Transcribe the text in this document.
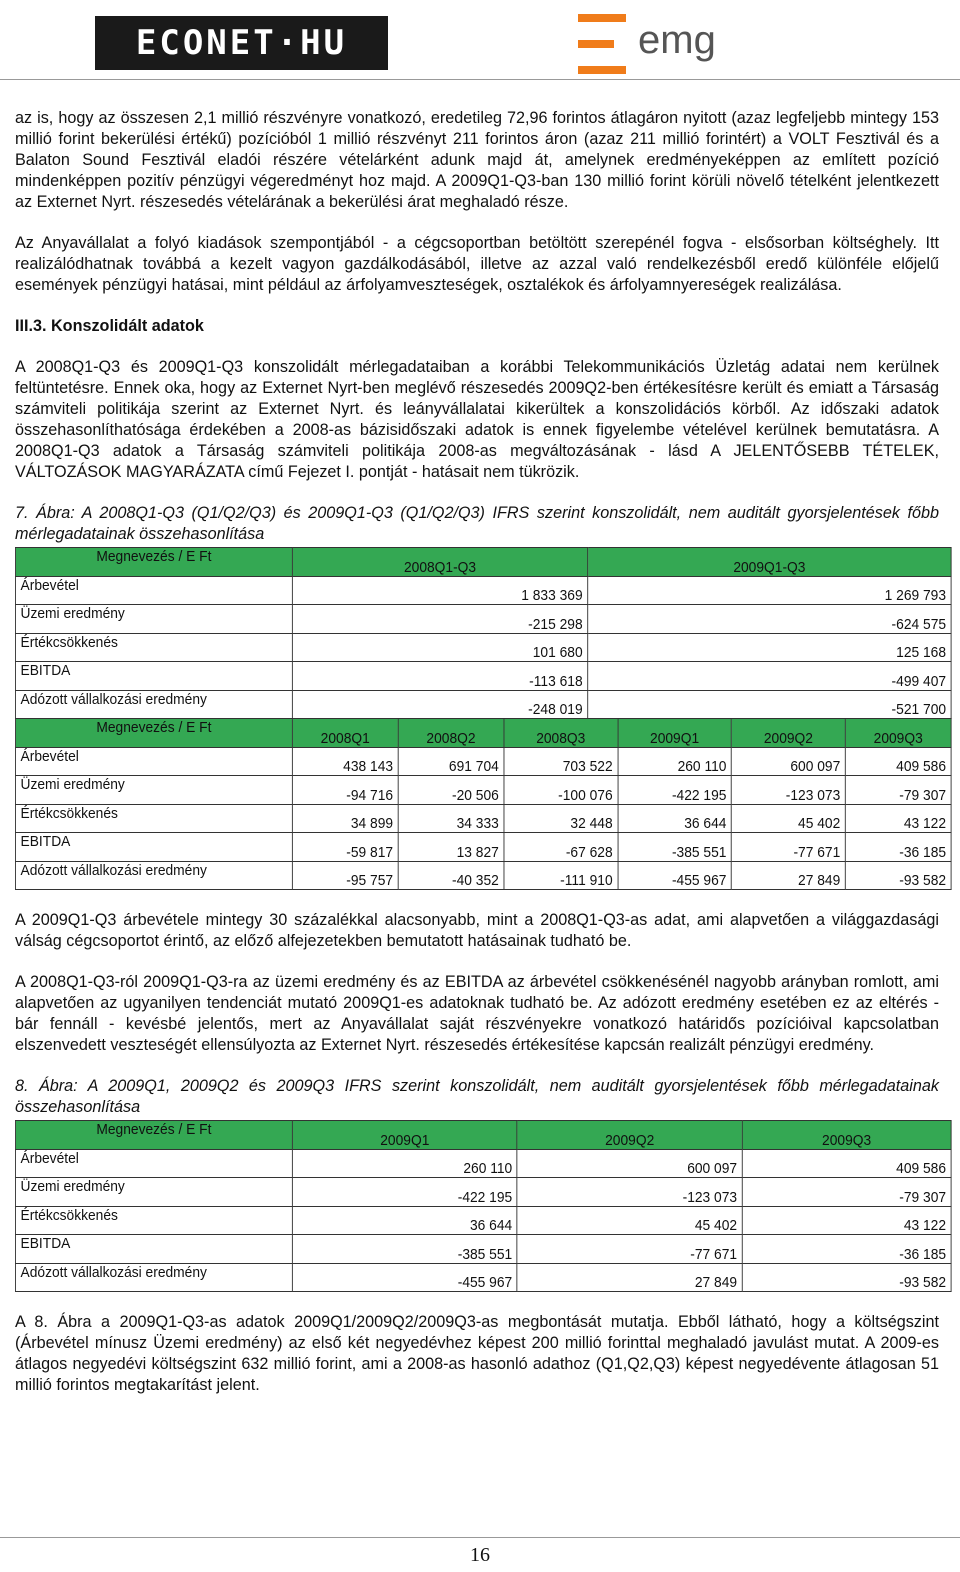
ECONET·HU	emg

az is, hogy az összesen 2,1 millió részvényre vonatkozó, eredetileg 72,96 forintos átlagáron nyitott (azaz legfeljebb mintegy 153 millió forint bekerülési értékű) pozícióból 1 millió részvényt 211 forintos áron (azaz 211 millió forintért) a VOLT Fesztivál és a Balaton Sound Fesztivál eladói részére vételárként adunk majd át, amelynek eredményeképpen az említett pozíció mindenképpen pozitív pénzügyi végeredményt hoz majd. A 2009Q1-Q3-ban 130 millió forint körüli növelő tételként jelentkezett az Externet Nyrt. részesedés vételárának a bekerülési árat meghaladó része.

Az Anyavállalat a folyó kiadások szempontjából - a cégcsoportban betöltött szerepénél fogva - elsősorban költséghely. Itt realizálódhatnak továbbá a kezelt vagyon gazdálkodásából, illetve az azzal való rendelkezésből eredő különféle előjelű események pénzügyi hatásai, mint például az árfolyamveszteségek, osztalékok és árfolyamnyereségek realizálása.

III.3. Konszolidált adatok

A 2008Q1-Q3 és 2009Q1-Q3 konszolidált mérlegadataiban a korábbi Telekommunikációs Üzletág adatai nem kerülnek feltüntetésre. Ennek oka, hogy az Externet Nyrt-ben meglévő részesedés 2009Q2-ben értékesítésre került és emiatt a Társaság számviteli politikája szerint az Externet Nyrt. és leányvállalatai kikerültek a konszolidációs körből. Az időszaki adatok összehasonlíthatósága érdekében a 2008-as bázisidőszaki adatok is ennek figyelembe vételével kerülnek bemutatásra. A 2008Q1-Q3 adatok a Társaság számviteli politikája 2008-as megváltozásának - lásd A JELENTŐSEBB TÉTELEK, VÁLTOZÁSOK MAGYARÁZATA című Fejezet I. pontját - hatásait nem tükrözik.

7. Ábra: A 2008Q1-Q3 (Q1/Q2/Q3) és 2009Q1-Q3 (Q1/Q2/Q3) IFRS szerint konszolidált, nem auditált gyorsjelentések főbb mérlegadatainak összehasonlítása

Megnevezés / E Ft	2008Q1-Q3	2009Q1-Q3
Árbevétel	1 833 369	1 269 793
Üzemi eredmény	-215 298	-624 575
Értékcsökkenés	101 680	125 168
EBITDA	-113 618	-499 407
Adózott vállalkozási eredmény	-248 019	-521 700
Megnevezés / E Ft	2008Q1	2008Q2	2008Q3	2009Q1	2009Q2	2009Q3
Árbevétel	438 143	691 704	703 522	260 110	600 097	409 586
Üzemi eredmény	-94 716	-20 506	-100 076	-422 195	-123 073	-79 307
Értékcsökkenés	34 899	34 333	32 448	36 644	45 402	43 122
EBITDA	-59 817	13 827	-67 628	-385 551	-77 671	-36 185
Adózott vállalkozási eredmény	-95 757	-40 352	-111 910	-455 967	27 849	-93 582

A 2009Q1-Q3 árbevétele mintegy 30 százalékkal alacsonyabb, mint a 2008Q1-Q3-as adat, ami alapvetően a világgazdasági válság cégcsoportot érintő, az előző alfejezetekben bemutatott hatásainak tudható be.

A 2008Q1-Q3-ról 2009Q1-Q3-ra az üzemi eredmény és az EBITDA az árbevétel csökkenésénél nagyobb arányban romlott, ami alapvetően az ugyanilyen tendenciát mutató 2009Q1-es adatoknak tudható be. Az adózott eredmény esetében ez az eltérés - bár fennáll - kevésbé jelentős, mert az Anyavállalat saját részvényekre vonatkozó határidős pozícióival kapcsolatban elszenvedett veszteségét ellensúlyozta az Externet Nyrt. részesedés értékesítése kapcsán realizált pénzügyi eredmény.

8. Ábra: A 2009Q1, 2009Q2 és 2009Q3 IFRS szerint konszolidált, nem auditált gyorsjelentések főbb mérlegadatainak összehasonlítása

Megnevezés / E Ft	2009Q1	2009Q2	2009Q3
Árbevétel	260 110	600 097	409 586
Üzemi eredmény	-422 195	-123 073	-79 307
Értékcsökkenés	36 644	45 402	43 122
EBITDA	-385 551	-77 671	-36 185
Adózott vállalkozási eredmény	-455 967	27 849	-93 582

A 8. Ábra a 2009Q1-Q3-as adatok 2009Q1/2009Q2/2009Q3-as megbontását mutatja. Ebből látható, hogy a költségszint (Árbevétel mínusz Üzemi eredmény) az első két negyedévhez képest 200 millió forinttal meghaladó javulást mutat. A 2009-es átlagos negyedévi költségszint 632 millió forint, ami a 2008-as hasonló adathoz (Q1,Q2,Q3) képest negyedévente átlagosan 51 millió forintos megtakarítást jelent.

16
